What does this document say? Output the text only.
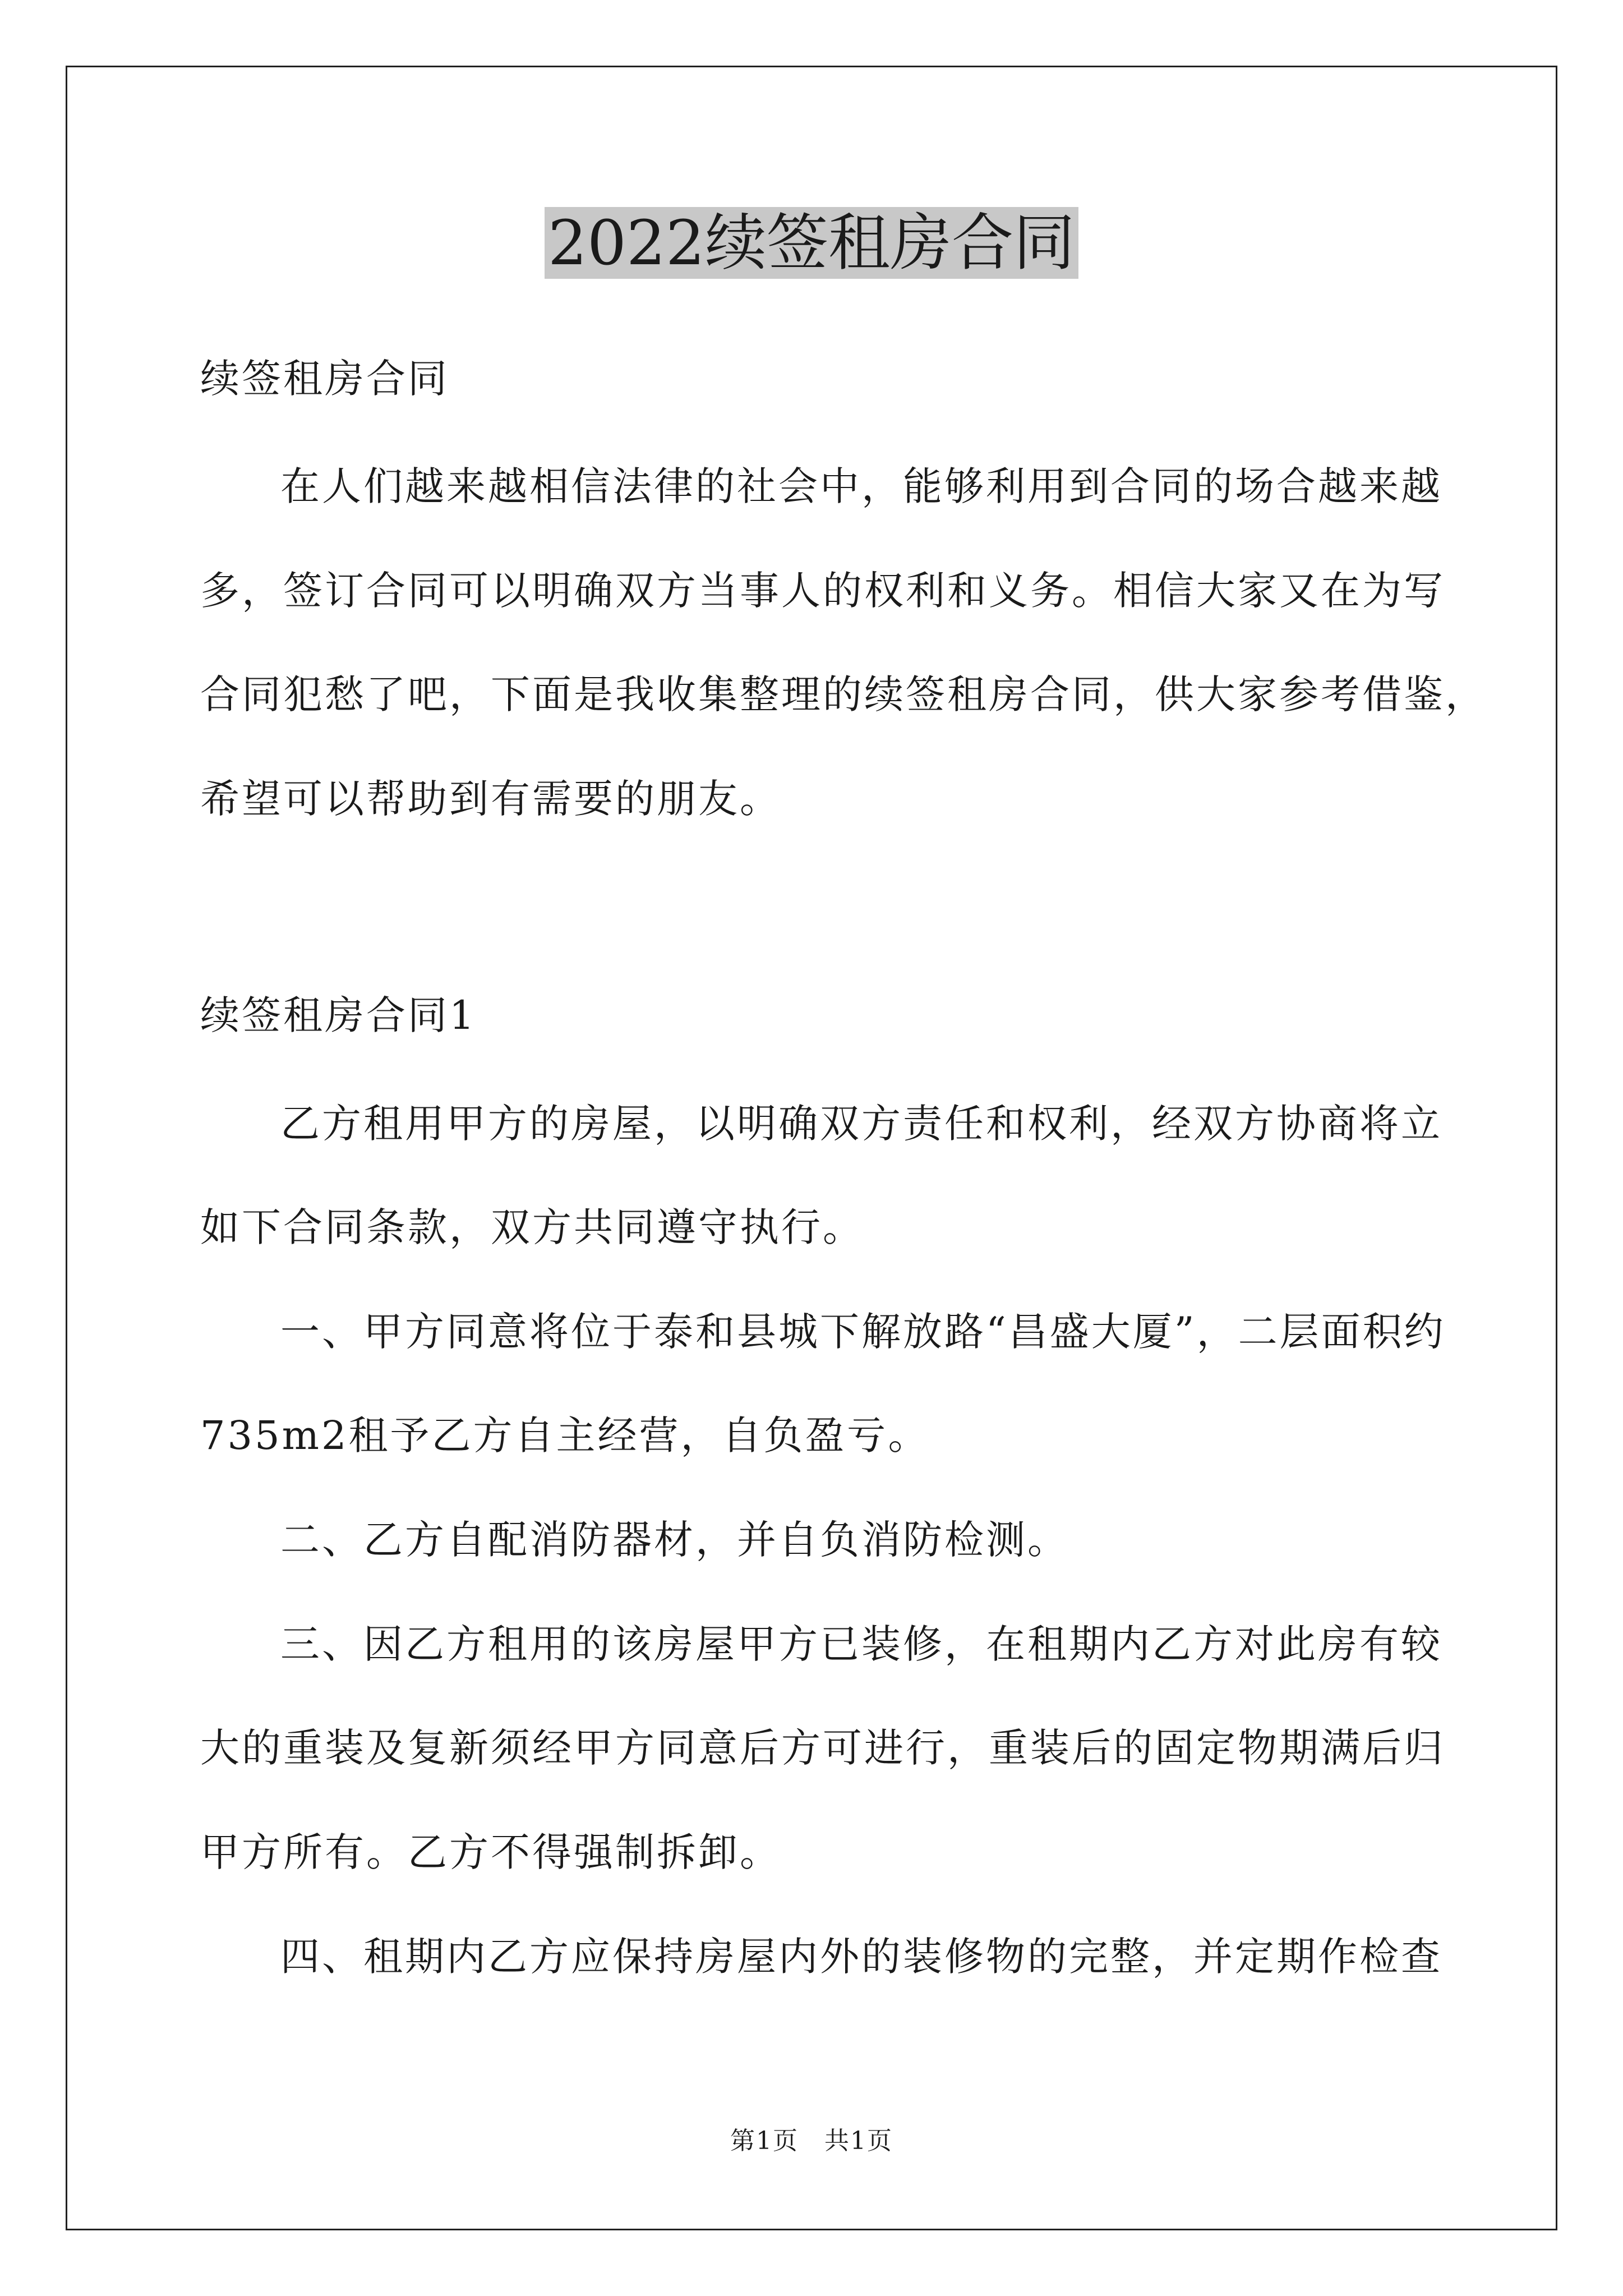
2022续签租房合同
续签租房合同
在人们越来越相信法律的社会中，能够利用到合同的场合越来越
多，签订合同可以明确双方当事人的权利和义务。相信大家又在为写
合同犯愁了吧，下面是我收集整理的续签租房合同，供大家参考借鉴，
希望可以帮助到有需要的朋友。
续签租房合同1
乙方租用甲方的房屋，以明确双方责任和权利，经双方协商将立
如下合同条款，双方共同遵守执行。
一、甲方同意将位于泰和县城下解放路“昌盛大厦”，二层面积约
735m2租予乙方自主经营，自负盈亏。
二、乙方自配消防器材，并自负消防检测。
三、因乙方租用的该房屋甲方已装修，在租期内乙方对此房有较
大的重装及复新须经甲方同意后方可进行，重装后的固定物期满后归
甲方所有。乙方不得强制拆卸。
四、租期内乙方应保持房屋内外的装修物的完整，并定期作检查
第1页　共1页
